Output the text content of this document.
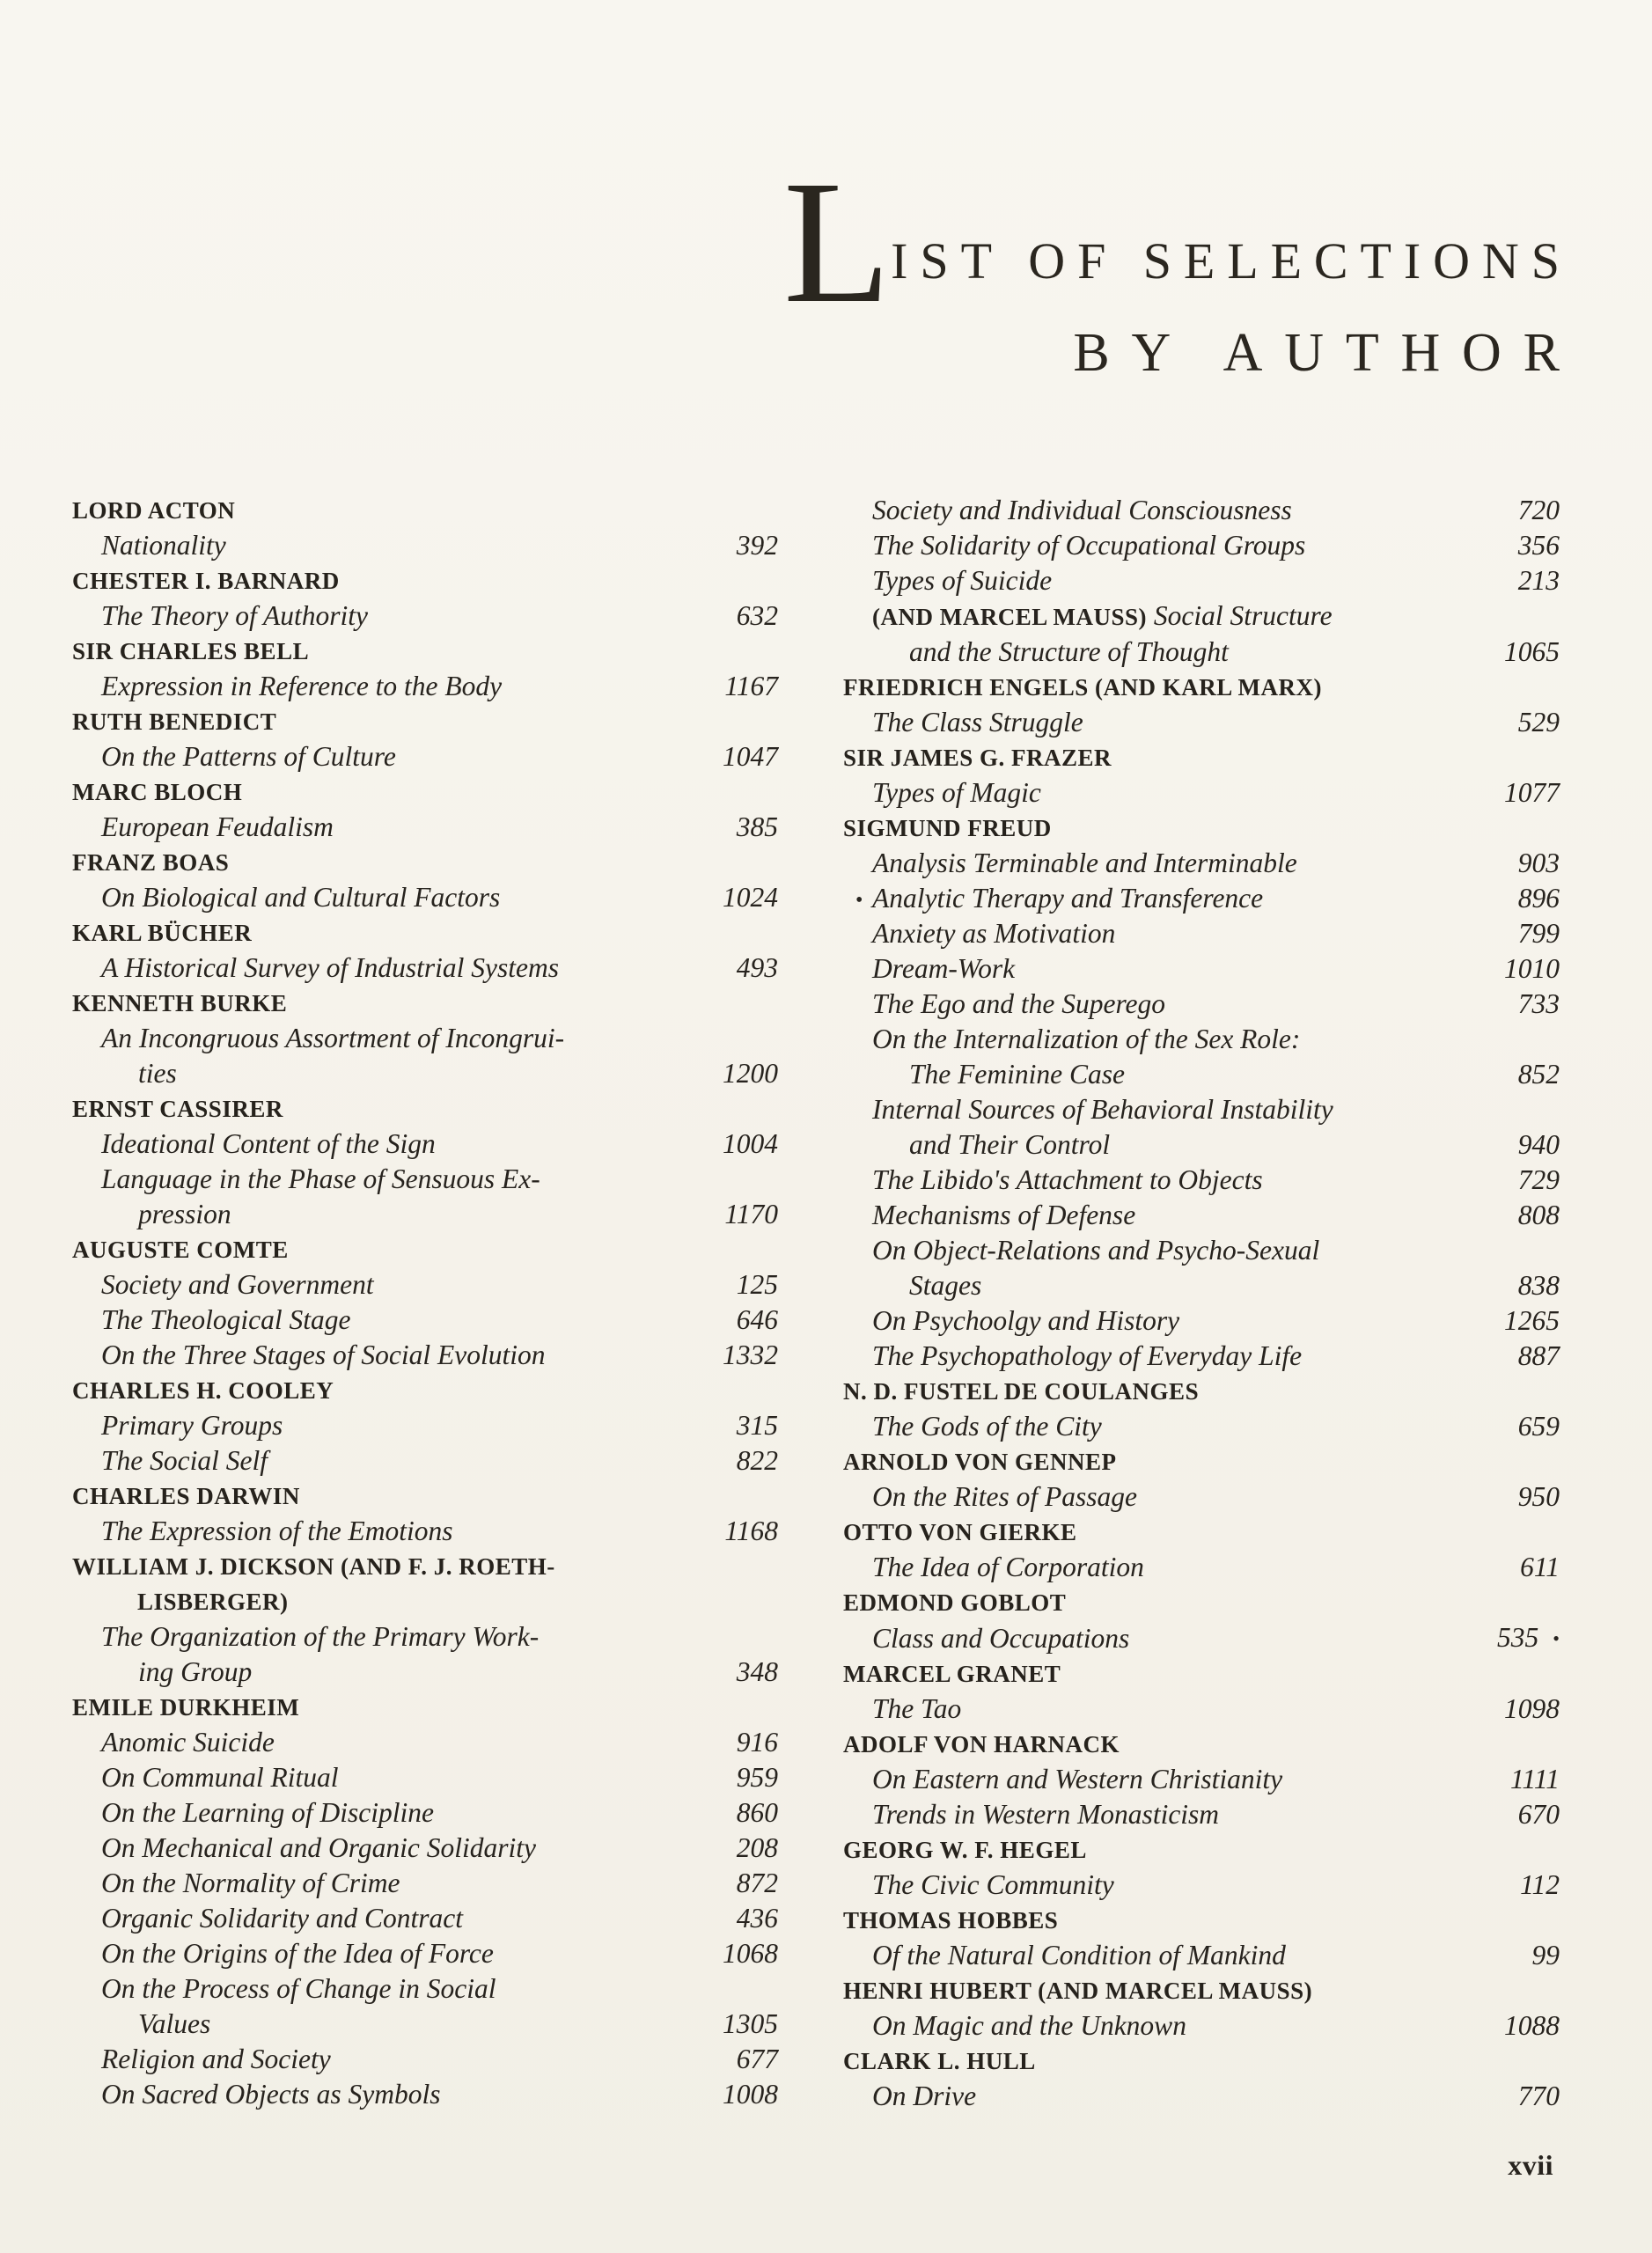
L IST OF SELECTIONS
BY AUTHOR
LORD ACTON
Nationality	392
CHESTER I. BARNARD
The Theory of Authority	632
SIR CHARLES BELL
Expression in Reference to the Body	1167
RUTH BENEDICT
On the Patterns of Culture	1047
MARC BLOCH
European Feudalism	385
FRANZ BOAS
On Biological and Cultural Factors	1024
KARL BÜCHER
A Historical Survey of Industrial Systems	493
KENNETH BURKE
An Incongruous Assortment of Incongrui-
ties	1200
ERNST CASSIRER
Ideational Content of the Sign	1004
Language in the Phase of Sensuous Ex-
pression	1170
AUGUSTE COMTE
Society and Government	125
The Theological Stage	646
On the Three Stages of Social Evolution	1332
CHARLES H. COOLEY
Primary Groups	315
The Social Self	822
CHARLES DARWIN
The Expression of the Emotions	1168
WILLIAM J. DICKSON (AND F. J. ROETH-
LISBERGER)
The Organization of the Primary Work-
ing Group	348
EMILE DURKHEIM
Anomic Suicide	916
On Communal Ritual	959
On the Learning of Discipline	860
On Mechanical and Organic Solidarity	208
On the Normality of Crime	872
Organic Solidarity and Contract	436
On the Origins of the Idea of Force	1068
On the Process of Change in Social
Values	1305
Religion and Society	677
On Sacred Objects as Symbols	1008
Society and Individual Consciousness	720
The Solidarity of Occupational Groups	356
Types of Suicide	213
(AND MARCEL MAUSS) Social Structure
and the Structure of Thought	1065
FRIEDRICH ENGELS (AND KARL MARX)
The Class Struggle	529
SIR JAMES G. FRAZER
Types of Magic	1077
SIGMUND FREUD
Analysis Terminable and Interminable	903
• Analytic Therapy and Transference	896
Anxiety as Motivation	799
Dream-Work	1010
The Ego and the Superego	733
On the Internalization of the Sex Role:
The Feminine Case	852
Internal Sources of Behavioral Instability
and Their Control	940
The Libido's Attachment to Objects	729
Mechanisms of Defense	808
On Object-Relations and Psycho-Sexual
Stages	838
On Psychoolgy and History	1265
The Psychopathology of Everyday Life	887
N. D. FUSTEL DE COULANGES
The Gods of the City	659
ARNOLD VON GENNEP
On the Rites of Passage	950
OTTO VON GIERKE
The Idea of Corporation	611
EDMOND GOBLOT
Class and Occupations	535 •
MARCEL GRANET
The Tao	1098
ADOLF VON HARNACK
On Eastern and Western Christianity	1111
Trends in Western Monasticism	670
GEORG W. F. HEGEL
The Civic Community	112
THOMAS HOBBES
Of the Natural Condition of Mankind	99
HENRI HUBERT (AND MARCEL MAUSS)
On Magic and the Unknown	1088
CLARK L. HULL
On Drive	770
xvii
